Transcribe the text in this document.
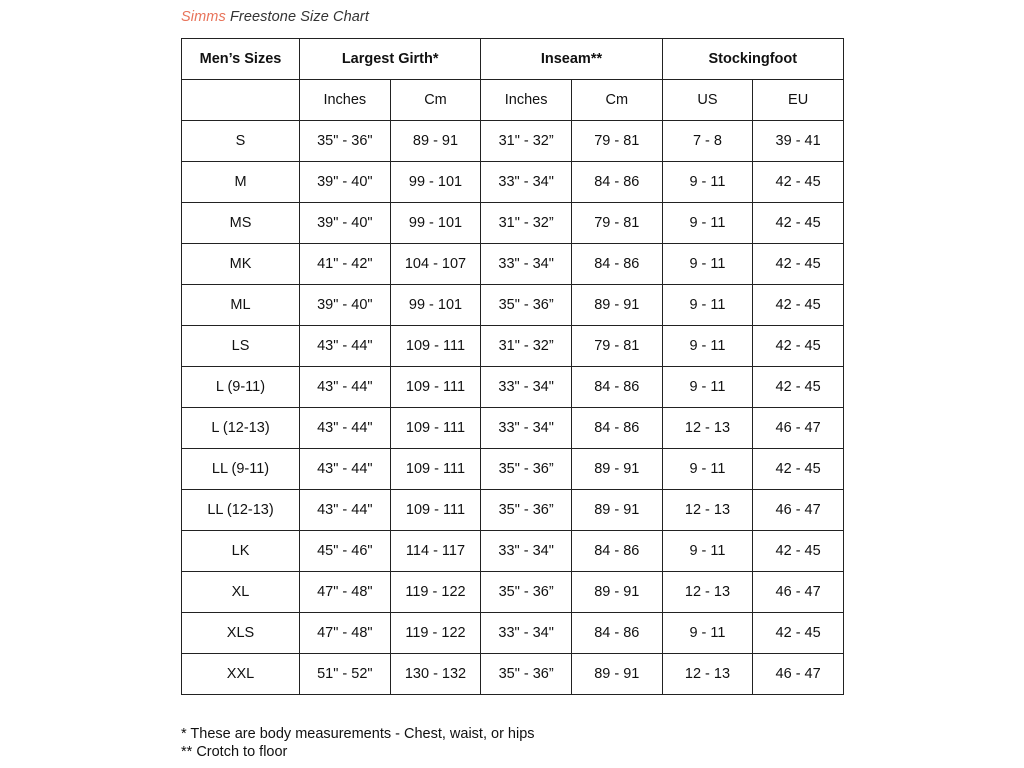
Simms Freestone Size Chart
Men’s Sizes	Largest Girth*		Inseam**		Stockingfoot	
	Inches	Cm	Inches	Cm	US	EU
S	35" - 36"	89 - 91	31" - 32”	79 - 81	7 - 8	39 - 41
M	39" - 40"	99 - 101	33" - 34"	84 - 86	9 - 11	42 - 45
MS	39" - 40"	99 - 101	31" - 32”	79 - 81	9 - 11	42 - 45
MK	41" - 42"	104 - 107	33" - 34"	84 - 86	9 - 11	42 - 45
ML	39" - 40"	99 - 101	35" - 36”	89 - 91	9 - 11	42 - 45
LS	43" - 44"	109 - 111	31" - 32”	79 - 81	9 - 11	42 - 45
L (9-11)	43" - 44"	109 - 111	33" - 34"	84 - 86	9 - 11	42 - 45
L (12-13)	43" - 44"	109 - 111	33" - 34"	84 - 86	12 - 13	46 - 47
LL (9-11)	43" - 44"	109 - 111	35" - 36”	89 - 91	9 - 11	42 - 45
LL (12-13)	43" - 44"	109 - 111	35" - 36”	89 - 91	12 - 13	46 - 47
LK	45" - 46"	114 - 117	33" - 34"	84 - 86	9 - 11	42 - 45
XL	47" - 48"	119 - 122	35" - 36”	89 - 91	12 - 13	46 - 47
XLS	47" - 48"	119 - 122	33" - 34"	84 - 86	9 - 11	42 - 45
XXL	51" - 52"	130 - 132	35" - 36”	89 - 91	12 - 13	46 - 47
* These are body measurements - Chest, waist, or hips
** Crotch to floor
